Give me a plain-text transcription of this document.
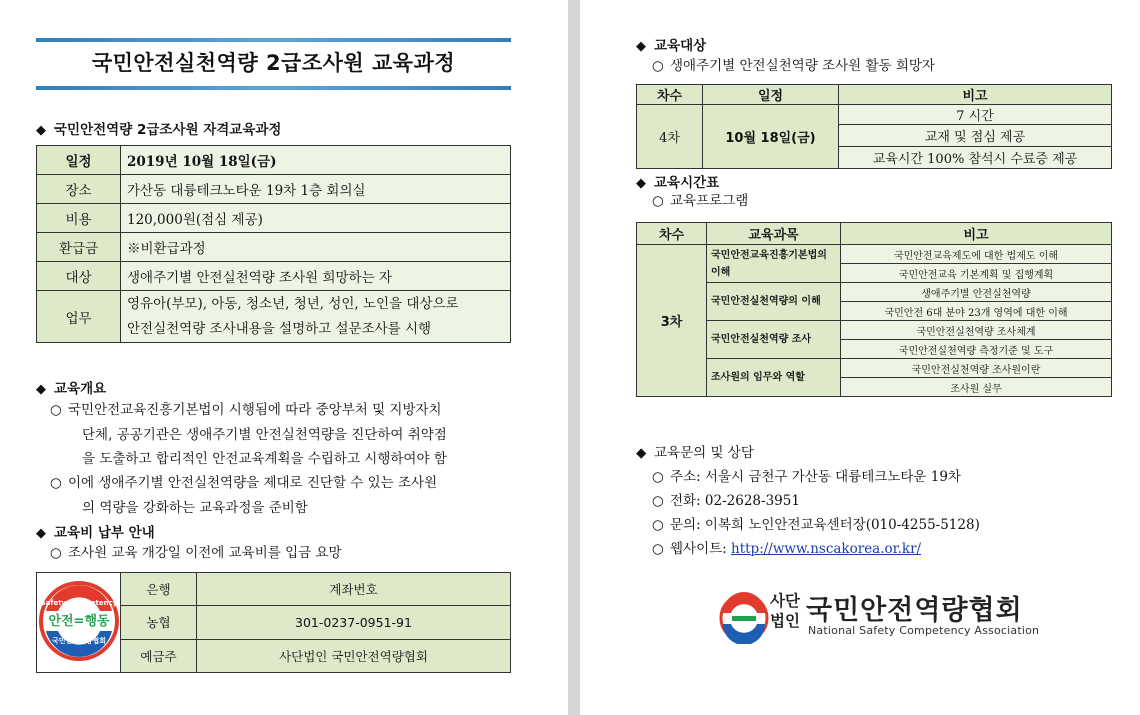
국민안전실천역량 2급조사원 교육과정
◆ 국민안전역량 2급조사원 자격교육과정
일정	2019년 10월 18일(금)
장소	가산동 대륭테크노타운 19차 1층 회의실
비용	120,000원(점심 제공)
환급금	※비환급과정
대상	생애주기별 안전실천역량 조사원 희망하는 자
업무	영유아(부모), 아동, 청소년, 청년, 성인, 노인을 대상으로
안전실천역량 조사내용을 설명하고 설문조사를 시행
◆ 교육개요
○ 국민안전교육진흥기본법이 시행됨에 따라 중앙부처 및 지방자치
단체, 공공기관은 생애주기별 안전실천역량을 진단하여 취약점
을 도출하고 합리적인 안전교육계획을 수립하고 시행하여야 함
○ 이에 생애주기별 안전실천역량을 제대로 진단할 수 있는 조사원
의 역량을 강화하는 교육과정을 준비함
◆ 교육비 납부 안내
○ 조사원 교육 개강일 이전에 교육비를 입금 요망
Safety Competency
안전=행동
국민안전역량협회	은행	계좌번호
	농협	301-0237-0951-91
	예금주	사단법인 국민안전역량협회
◆ 교육대상
○ 생애주기별 안전실천역량 조사원 활동 희망자
차수	일정	비고
4차	10월 18일(금)	7 시간
		교재 및 점심 제공
		교육시간 100% 참석시 수료증 제공
◆ 교육시간표
○ 교육프로그램
차수	교육과목	비고
3차	국민안전교육진흥기본법의 이해	국민안전교육제도에 대한 법제도 이해
		국민안전교육 기본계획 및 집행계획
	국민안전실천역량의 이해	생애주기별 안전실천역량
		국민안전 6대 분야 23개 영역에 대한 이해
	국민안전실천역량 조사	국민안전실천역량 조사체계
		국민안전실천역량 측정기준 및 도구
	조사원의 임무와 역할	국민안전실천역량 조사원이란
		조사원 실무
◆ 교육문의 및 상담
○ 주소: 서울시 금천구 가산동 대륭테크노타운 19차
○ 전화: 02-2628-3951
○ 문의: 이복희 노인안전교육센터장(010-4255-5128)
○ 웹사이트: http://www.nscakorea.or.kr/
사단
법인 국민안전역량협회
National Safety Competency Association
